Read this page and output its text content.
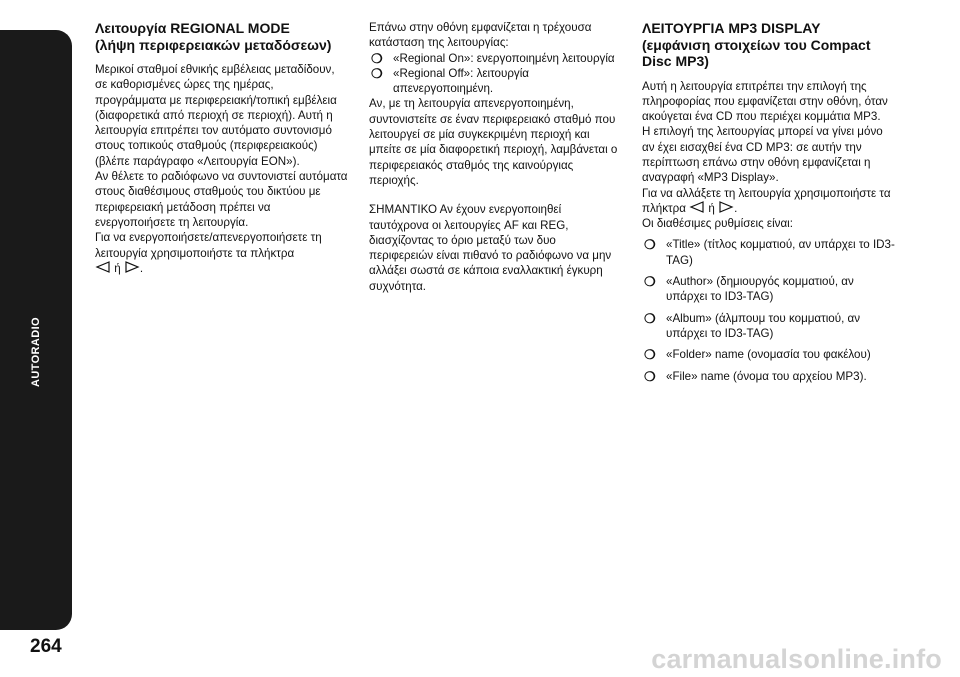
AUTORADIO
264
Λειτουργία REGIONAL MODE
(λήψη περιφερειακών μεταδόσεων)

Μερικοί σταθμοί εθνικής εμβέλειας μεταδίδουν, σε καθορισμένες ώρες της ημέρας, προγράμματα με περιφερειακή/τοπική εμβέλεια (διαφορετικά από περιοχή σε περιοχή). Αυτή η λειτουργία επιτρέπει τον αυτόματο συντονισμό στους τοπικούς σταθμούς (περιφερειακούς) (βλέπε παράγραφο «Λειτουργία EON»).

Αν θέλετε το ραδιόφωνο να συντονιστεί αυτόματα στους διαθέσιμους σταθμούς του δικτύου με περιφερειακή μετάδοση πρέπει να ενεργοποιήσετε τη λειτουργία.

Για να ενεργοποιήσετε/απενεργοποιήσετε τη λειτουργία χρησιμοποιήστε τα πλήκτρα
ή .

Επάνω στην οθόνη εμφανίζεται η τρέχουσα κατάσταση της λειτουργίας:

❍ «Regional On»: ενεργοποιημένη λειτουργία
❍ «Regional Off»: λειτουργία απενεργοποιημένη.

Αν, με τη λειτουργία απενεργοποιημένη, συντονιστείτε σε έναν περιφερειακό σταθμό που λειτουργεί σε μία συγκεκριμένη περιοχή και μπείτε σε μία διαφορετική περιοχή, λαμβάνεται ο περιφερειακός σταθμός της καινούργιας περιοχής.

ΣΗΜΑΝΤΙΚΟ Αν έχουν ενεργοποιηθεί ταυτόχρονα οι λειτουργίες AF και REG, διασχίζοντας το όριο μεταξύ των δυο περιφερειών είναι πιθανό το ραδιόφωνο να μην αλλάξει σωστά σε κάποια εναλλακτική έγκυρη συχνότητα.

ΛΕΙΤΟΥΡΓΙΑ MP3 DISPLAY
(εμφάνιση στοιχείων του Compact
Disc MP3)

Αυτή η λειτουργία επιτρέπει την επιλογή της πληροφορίας που εμφανίζεται στην οθόνη, όταν ακούγεται ένα CD που περιέχει κομμάτια MP3.

Η επιλογή της λειτουργίας μπορεί να γίνει μόνο αν έχει εισαχθεί ένα CD MP3: σε αυτήν την περίπτωση επάνω στην οθόνη εμφανίζεται η αναγραφή «MP3 Display».

Για να αλλάξετε τη λειτουργία χρησιμοποιήστε τα πλήκτρα ή .

Οι διαθέσιμες ρυθμίσεις είναι:

❍ «Title» (τίτλος κομματιού, αν υπάρχει το ID3-TAG)
❍ «Author» (δημιουργός κομματιού, αν υπάρχει το ID3-TAG)
❍ «Album» (άλμπουμ του κομματιού, αν υπάρχει το ID3-TAG)
❍ «Folder» name (ονομασία του φακέλου)
❍ «File» name (όνομα του αρχείου MP3).
carmanualsonline.info
